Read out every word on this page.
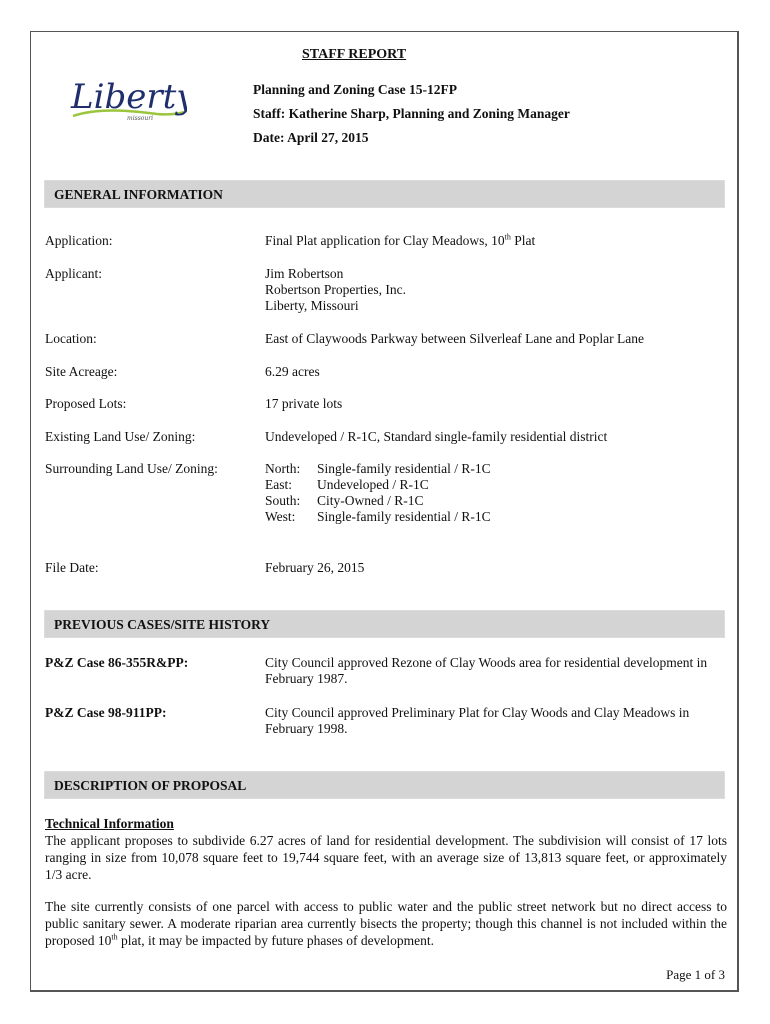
Liberty
missouri
STAFF REPORT
Planning and Zoning Case 15-12FP
Staff: Katherine Sharp, Planning and Zoning Manager
Date: April 27, 2015
GENERAL INFORMATION
Application:	Final Plat application for Clay Meadows, 10th Plat
Applicant:	Jim Robertson
Robertson Properties, Inc.
Liberty, Missouri
Location:	East of Claywoods Parkway between Silverleaf Lane and Poplar Lane
Site Acreage:	6.29 acres
Proposed Lots:	17 private lots
Existing Land Use/ Zoning:	Undeveloped / R-1C, Standard single-family residential district
Surrounding Land Use/ Zoning:	North:	Single-family residential / R-1C
East:	Undeveloped / R-1C
South:	City-Owned / R-1C
West:	Single-family residential / R-1C
File Date:	February 26, 2015
PREVIOUS CASES/SITE HISTORY
P&Z Case 86-355R&PP:	City Council approved Rezone of Clay Woods area for residential development in
February 1987.
P&Z Case 98-911PP:	City Council approved Preliminary Plat for Clay Woods and Clay Meadows in
February 1998.
DESCRIPTION OF PROPOSAL
Technical Information
The applicant proposes to subdivide 6.27 acres of land for residential development. The subdivision will consist of 17 lots ranging in size from 10,078 square feet to 19,744 square feet, with an average size of 13,813 square feet, or approximately 1/3 acre.
The site currently consists of one parcel with access to public water and the public street network but no direct access to public sanitary sewer. A moderate riparian area currently bisects the property; though this channel is not included within the proposed 10th plat, it may be impacted by future phases of development.
Page 1 of 3
